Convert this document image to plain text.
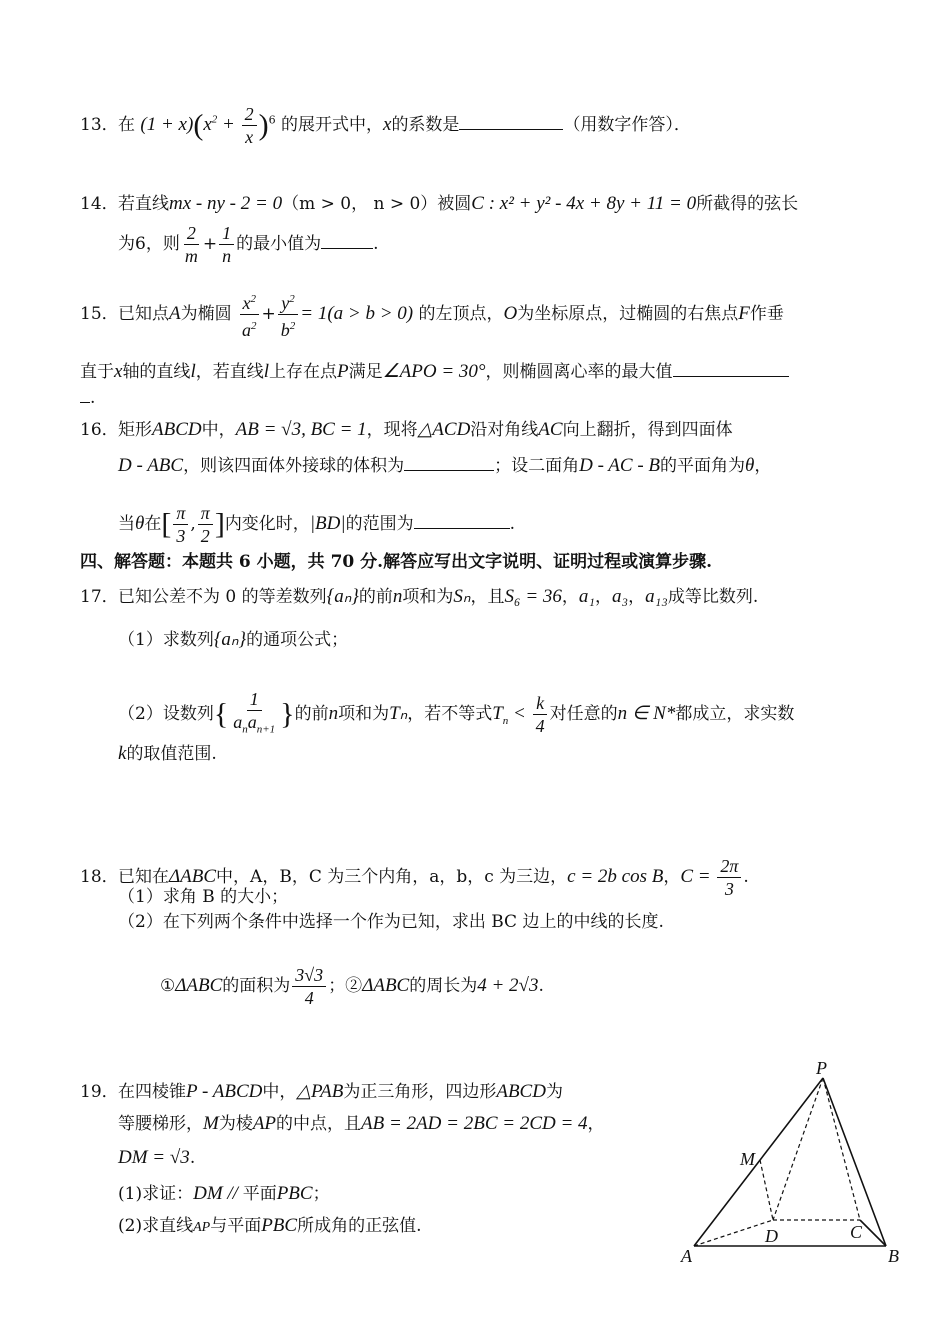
13．在 $(1 + x)(x^2 + \frac{2}{x} )^6$ 的展开式中，x的系数是	（用数字作答）．
14．若直线mx - ny - 2 = 0（m > 0， n > 0）被圆C : x² + y² - 4x + 8y + 11 = 0所截得的弦长
为6，则 $\frac{2}{m} + \frac{1}{n}$ 的最小值为	.
15．已知点A为椭圆 $\frac{x^2}{a^2} + \frac{y^2}{b^2} = 1(a > b > 0)$ 的左顶点，O为坐标原点，过椭圆的右焦点F作垂
直于x轴的直线l，若直线l上存在点P满足∠APO = 30°，则椭圆离心率的最大值
.
16．矩形ABCD中，AB = √3, BC = 1，现将△ACD沿对角线AC向上翻折，得到四面体
D - ABC，则该四面体外接球的体积为	；设二面角D - AC - B的平面角为θ，
当θ在[ $\frac{\pi}{3}$ , $\frac{\pi}{2}$ ]内变化时，|BD|的范围为	.
四、解答题：本题共 6 小题，共 70 分.解答应写出文字说明、证明过程或演算步骤.
17．已知公差不为 0 的等差数列{aₙ}的前n项和为Sₙ，且S₆ = 36，a₁，a₃，a₁₃成等比数列.
（1）求数列{aₙ}的通项公式；
（2）设数列{ $\frac{1}{a_na_{n+1}}$ }的前n项和为Tₙ，若不等式$T_n < \frac{k}{4}$ 对任意的n ∈ N*都成立，求实数
k的取值范围.
18．已知在ΔABC中，A，B，C 为三个内角，a，b，c 为三边，c = 2b cos B，$C = \frac{2\pi}{3}$ .
（1）求角 B 的大小；
（2）在下列两个条件中选择一个作为已知，求出 BC 边上的中线的长度.
①ΔABC的面积为 $\frac{3√3}{4}$ ；②ΔABC的周长为4 + 2√3.
19．在四棱锥P - ABCD中，△PAB为正三角形，四边形ABCD为
等腰梯形，M为棱AP的中点，且AB = 2AD = 2BC = 2CD = 4，
DM = √3.
(1)求证：DM // 平面PBC；
(2)求直线AP与平面PBC所成角的正弦值.
P
M
D	C
A	B
